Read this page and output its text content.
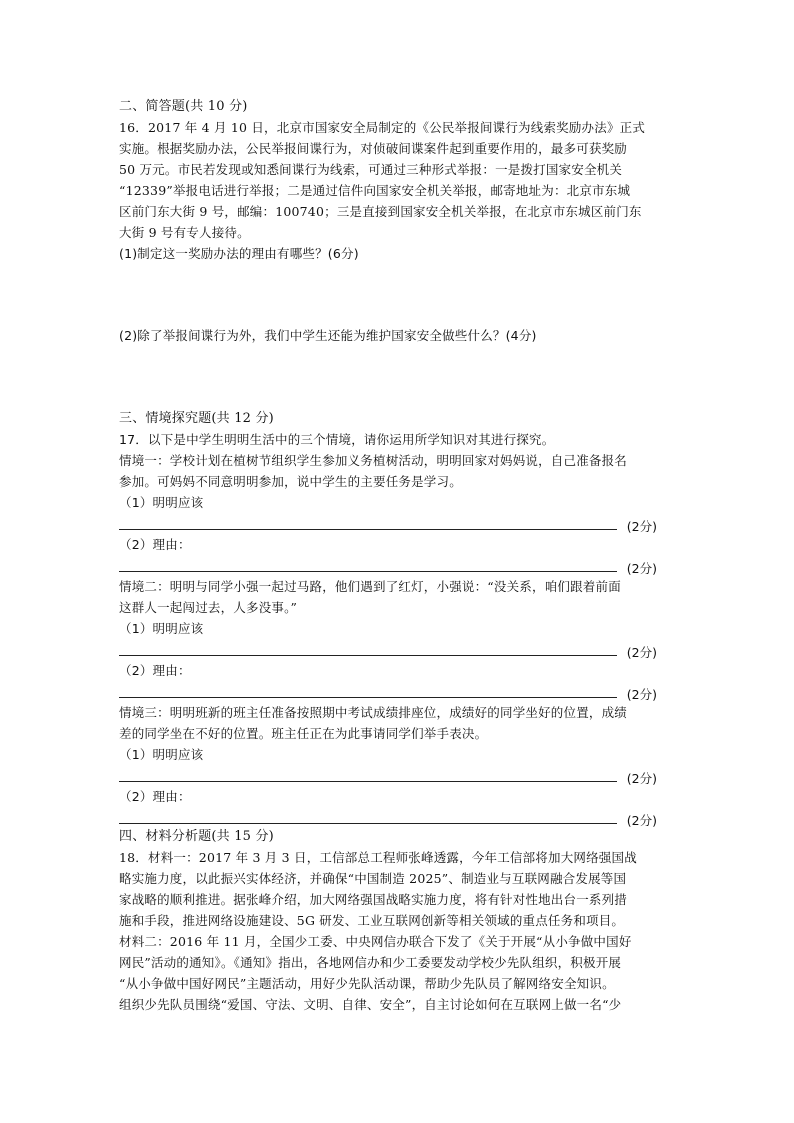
二、简答题(共 10 分)
16．2017 年 4 月 10 日，北京市国家安全局制定的《公民举报间谍行为线索奖励办法》正式
实施。根据奖励办法，公民举报间谍行为，对侦破间谍案件起到重要作用的，最多可获奖励
50 万元。市民若发现或知悉间谍行为线索，可通过三种形式举报：一是拨打国家安全机关
“12339”举报电话进行举报；二是通过信件向国家安全机关举报，邮寄地址为：北京市东城
区前门东大街 9 号，邮编：100740；三是直接到国家安全机关举报，在北京市东城区前门东
大街 9 号有专人接待。
(1)制定这一奖励办法的理由有哪些？(6分)
(2)除了举报间谍行为外，我们中学生还能为维护国家安全做些什么？(4分)
三、情境探究题(共 12 分)
17．以下是中学生明明生活中的三个情境，请你运用所学知识对其进行探究。
情境一：学校计划在植树节组织学生参加义务植树活动，明明回家对妈妈说，自己准备报名
参加。可妈妈不同意明明参加，说中学生的主要任务是学习。
（1）明明应该
(2分)
（2）理由：
(2分)
情境二：明明与同学小强一起过马路，他们遇到了红灯，小强说：“没关系，咱们跟着前面
这群人一起闯过去，人多没事。”
（1）明明应该
(2分)
（2）理由：
(2分)
情境三：明明班新的班主任准备按照期中考试成绩排座位，成绩好的同学坐好的位置，成绩
差的同学坐在不好的位置。班主任正在为此事请同学们举手表决。
（1）明明应该
(2分)
（2）理由：
(2分)
四、材料分析题(共 15 分)
18．材料一：2017 年 3 月 3 日，工信部总工程师张峰透露，今年工信部将加大网络强国战
略实施力度，以此振兴实体经济，并确保“中国制造 2025”、制造业与互联网融合发展等国
家战略的顺利推进。据张峰介绍，加大网络强国战略实施力度，将有针对性地出台一系列措
施和手段，推进网络设施建设、5G 研发、工业互联网创新等相关领域的重点任务和项目。
材料二：2016 年 11 月，全国少工委、中央网信办联合下发了《关于开展“从小争做中国好
网民”活动的通知》。《通知》指出，各地网信办和少工委要发动学校少先队组织，积极开展
“从小争做中国好网民”主题活动，用好少先队活动课，帮助少先队员了解网络安全知识。
组织少先队员围绕“爱国、守法、文明、自律、安全”，自主讨论如何在互联网上做一名“少
